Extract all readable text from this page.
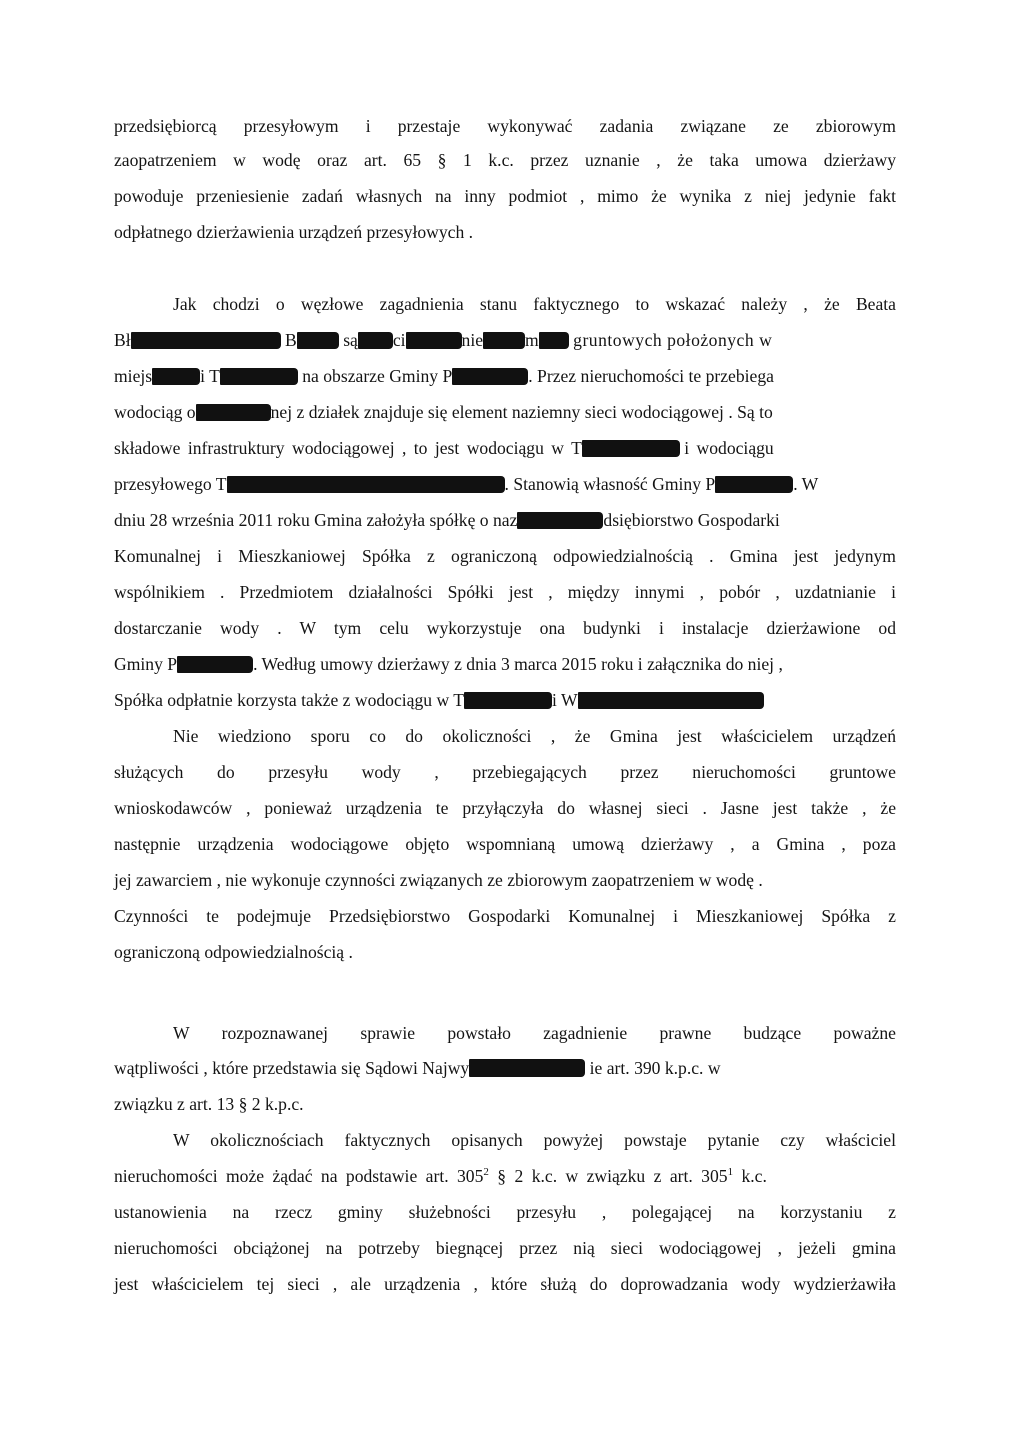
przedsiębiorcą przesyłowym i przestaje wykonywać zadania związane ze zbiorowym
zaopatrzeniem w wodę oraz art. 65 § 1 k.c. przez uznanie , że taka umowa dzierżawy
powoduje przeniesienie zadań własnych na inny podmiot , mimo że wynika z niej jedynie fakt
odpłatnego dzierżawienia urządzeń przesyłowych .
Jak chodzi o węzłowe zagadnienia stanu faktycznego to wskazać należy , że Beata
Bł	B	są ci	nie m gruntowych położonych w
miejs	i T	na obszarze Gminy P	. Przez nieruchomości te przebiega
wodociąg o	nej z działek znajduje się element naziemny sieci wodociągowej . Są to
składowe infrastruktury wodociągowej , to jest wodociągu w T	i wodociągu
przesyłowego T	. Stanowią własność Gminy P	. W
dniu 28 września 2011 roku Gmina założyła spółkę o naz	dsiębiorstwo Gospodarki
Komunalnej i Mieszkaniowej Spółka z ograniczoną odpowiedzialnością . Gmina jest jedynym
wspólnikiem . Przedmiotem działalności Spółki jest , między innymi , pobór , uzdatnianie i
dostarczanie wody . W tym celu wykorzystuje ona budynki i instalacje dzierżawione od
Gminy P	. Według umowy dzierżawy z dnia 3 marca 2015 roku i załącznika do niej ,
Spółka odpłatnie korzysta także z wodociągu w T	i W
Nie wiedziono sporu co do okoliczności , że Gmina jest właścicielem urządzeń
służących do przesyłu wody , przebiegających przez nieruchomości gruntowe
wnioskodawców , ponieważ urządzenia te przyłączyła do własnej sieci . Jasne jest także , że
następnie urządzenia wodociągowe objęto wspomnianą umową dzierżawy , a Gmina , poza
jej zawarciem , nie wykonuje czynności związanych ze zbiorowym zaopatrzeniem w wodę .
Czynności te podejmuje Przedsiębiorstwo Gospodarki Komunalnej i Mieszkaniowej Spółka z
ograniczoną odpowiedzialnością .
W rozpoznawanej sprawie powstało zagadnienie prawne budzące poważne
wątpliwości , które przedstawia się Sądowi Najwy	ie art. 390 k.p.c. w
związku z art. 13 § 2 k.p.c.
W okolicznościach faktycznych opisanych powyżej powstaje pytanie czy właściciel
nieruchomości może żądać na podstawie art. $305^2$ § 2 k.c. w związku z art. $305^1$ k.c.
ustanowienia na rzecz gminy służebności przesyłu , polegającej na korzystaniu z
nieruchomości obciążonej na potrzeby biegnącej przez nią sieci wodociągowej , jeżeli gmina
jest właścicielem tej sieci , ale urządzenia , które służą do doprowadzania wody wydzierżawiła
